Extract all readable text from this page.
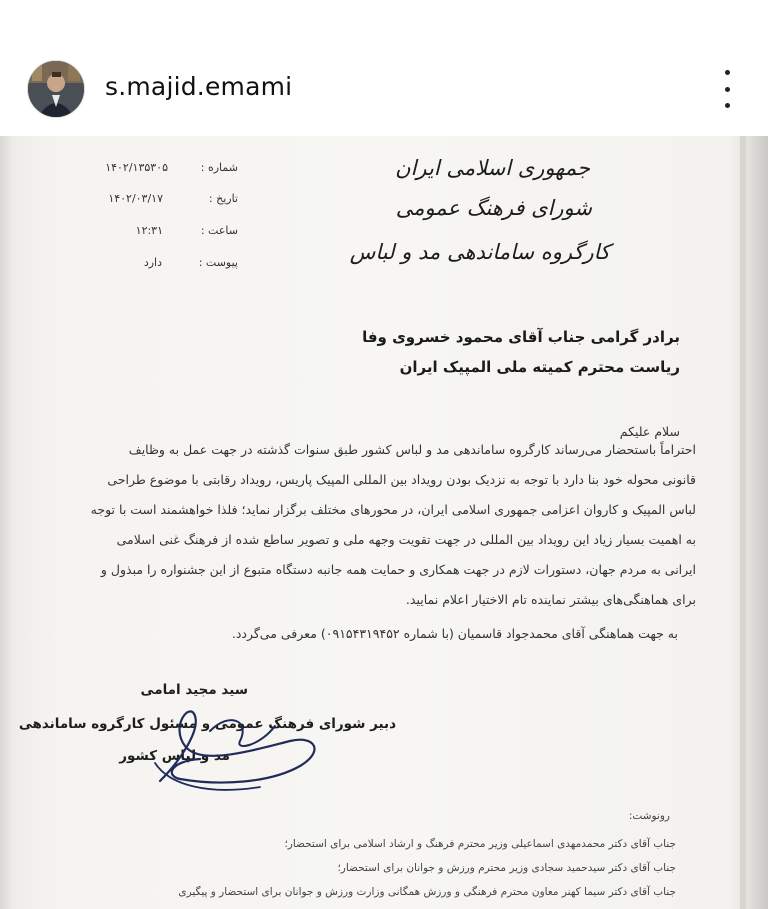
s.majid.emami
جمهوری اسلامی ایران
شورای فرهنگ عمومی
کارگروه ساماندهی مد و لباس
شماره :
۱۴۰۲/۱۳۵۳۰۵
تاریخ :
۱۴۰۲/۰۳/۱۷
ساعت :
۱۲:۳۱
پیوست :
دارد
برادر گرامی جناب آقای محمود خسروی وفا
ریاست محترم کمیته ملی المپیک ایران
سلام علیکم
احتراماً باستحضار می‌رساند کارگروه ساماندهی مد و لباس کشور طبق سنوات گذشته در جهت عمل به وظایف
قانونی محوله خود بنا دارد با توجه به نزدیک بودن رویداد بین المللی المپیک پاریس، رویداد رقابتی با موضوع طراحی
لباس المپیک و کاروان اعزامی جمهوری اسلامی ایران، در محورهای مختلف برگزار نماید؛ فلذا خواهشمند است با توجه
به اهمیت بسیار زیاد این رویداد بین المللی در جهت تقویت وجهه ملی و تصویر ساطع شده از فرهنگ غنی اسلامی
ایرانی به مردم جهان، دستورات لازم در جهت همکاری و حمایت همه جانبه دستگاه متبوع از این جشنواره را مبذول و
برای هماهنگی‌های بیشتر نماینده تام الاختیار اعلام نمایید.
به جهت هماهنگی آقای محمدجواد قاسمیان (با شماره ۰۹۱۵۴۳۱۹۴۵۲) معرفی می‌گردد.
سید مجید امامی
دبیر شورای فرهنگ عمومی و مسئول کارگروه ساماندهی
مد و لباس کشور
رونوشت:
جناب آقای دکتر محمدمهدی اسماعیلی وزیر محترم فرهنگ و ارشاد اسلامی برای استحضار؛
جناب آقای دکتر سیدحمید سجادی وزیر محترم ورزش و جوانان برای استحضار؛
جناب آقای دکتر سیما کهنر معاون محترم فرهنگی و ورزش همگانی وزارت ورزش و جوانان برای استحضار و پیگیری
